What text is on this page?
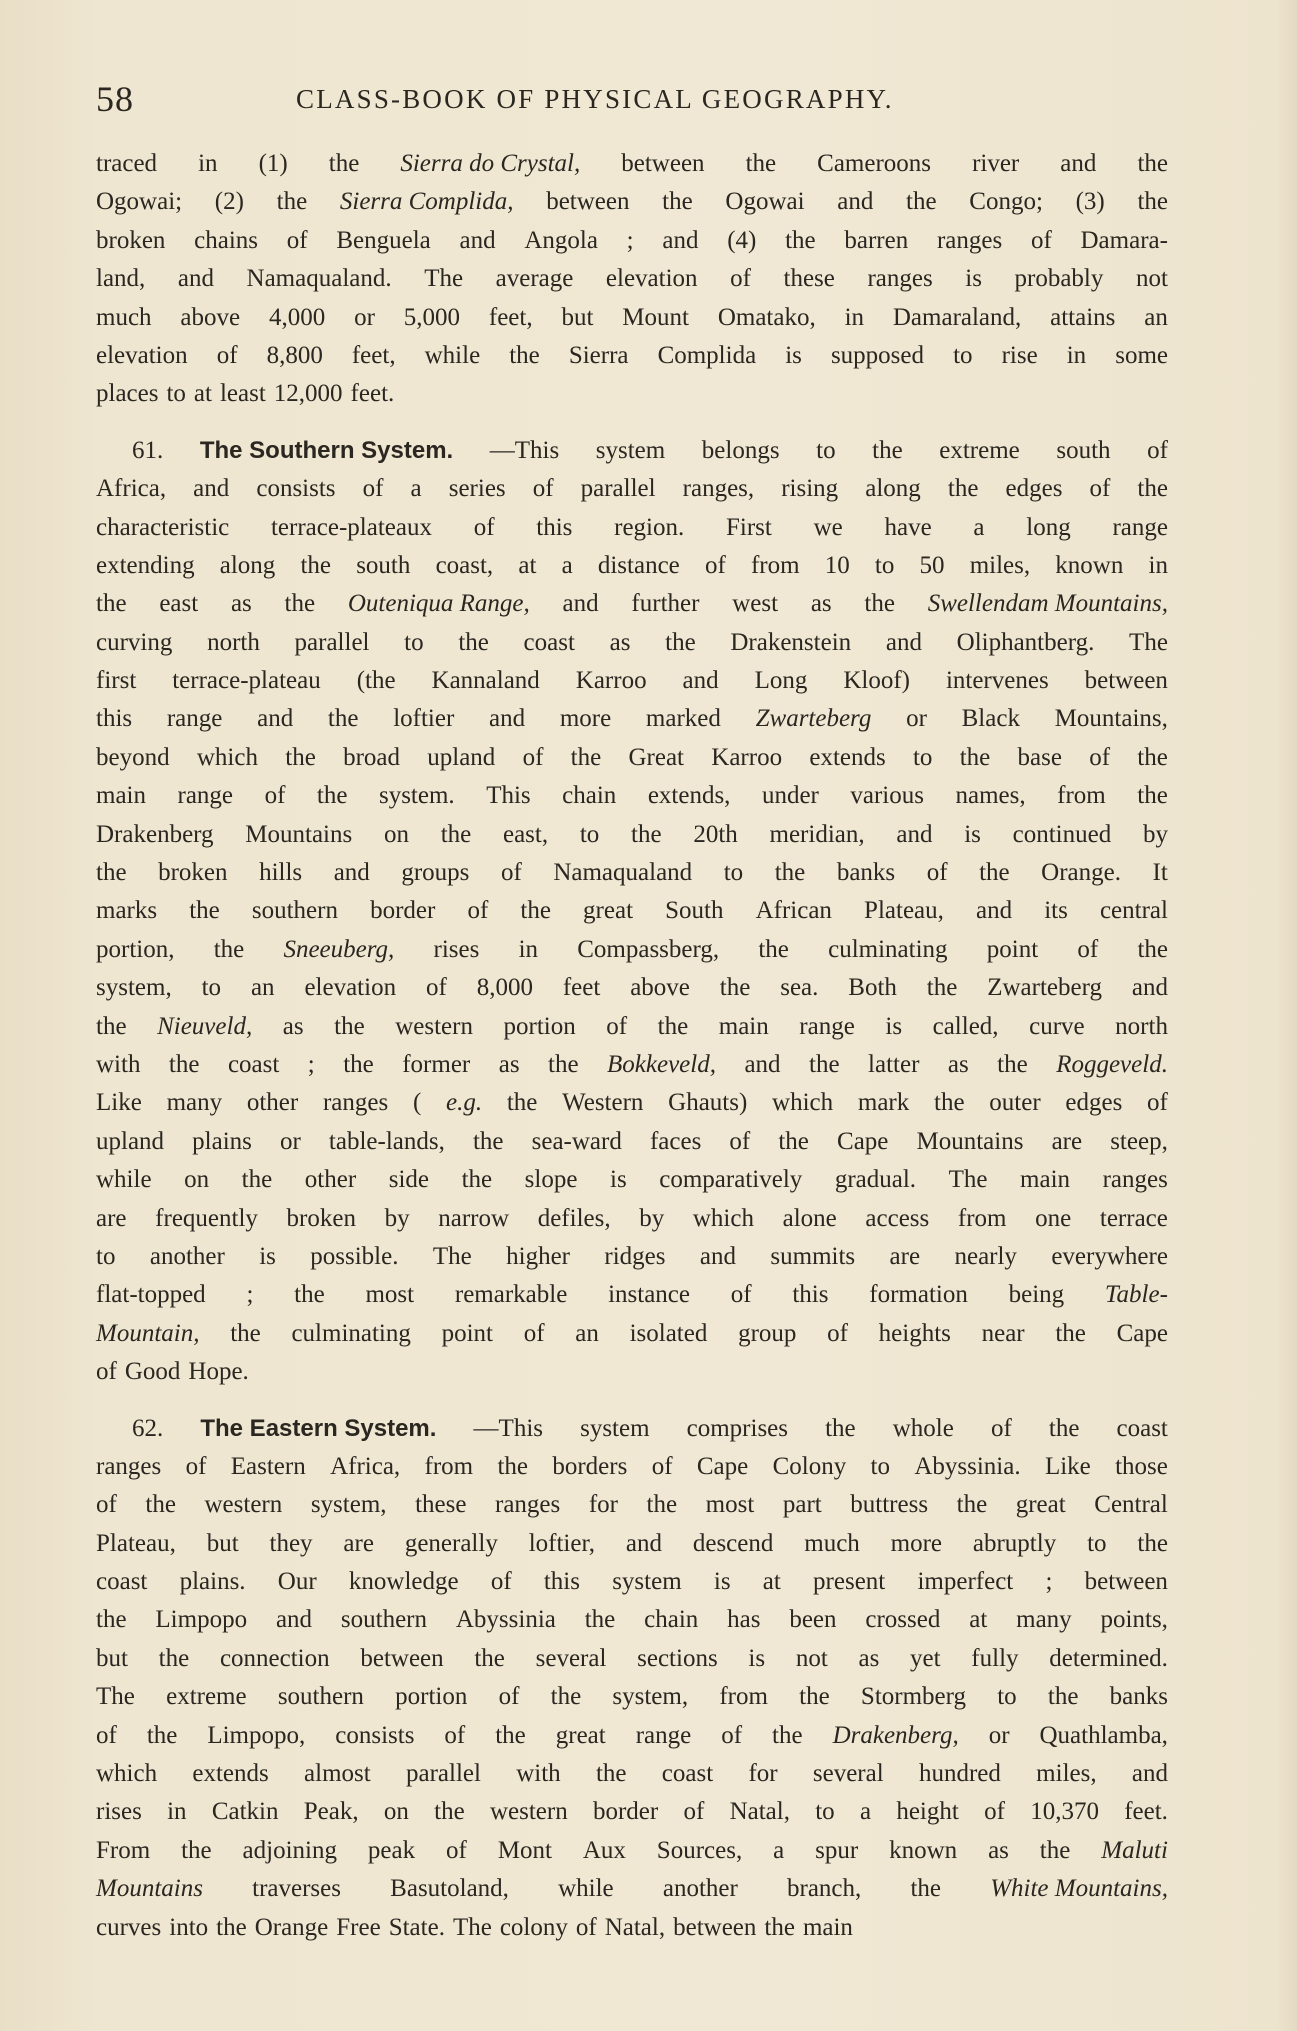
58	CLASS-BOOK OF PHYSICAL GEOGRAPHY.
traced in (1) the Sierra do Crystal, between the Cameroons river and the
Ogowai; (2) the Sierra Complida, between the Ogowai and the Congo; (3) the
broken chains of Benguela and Angola ; and (4) the barren ranges of Damara-
land, and Namaqualand. The average elevation of these ranges is probably not
much above 4,000 or 5,000 feet, but Mount Omatako, in Damaraland, attains an
elevation of 8,800 feet, while the Sierra Complida is supposed to rise in some
places to at least 12,000 feet.
61. The Southern System. —This system belongs to the extreme south of
Africa, and consists of a series of parallel ranges, rising along the edges of the
characteristic terrace-plateaux of this region. First we have a long range
extending along the south coast, at a distance of from 10 to 50 miles, known in
the east as the Outeniqua Range, and further west as the Swellendam Mountains,
curving north parallel to the coast as the Drakenstein and Oliphantberg. The
first terrace-plateau (the Kannaland Karroo and Long Kloof) intervenes between
this range and the loftier and more marked Zwarteberg or Black Mountains,
beyond which the broad upland of the Great Karroo extends to the base of the
main range of the system. This chain extends, under various names, from the
Drakenberg Mountains on the east, to the 20th meridian, and is continued by
the broken hills and groups of Namaqualand to the banks of the Orange. It
marks the southern border of the great South African Plateau, and its central
portion, the Sneeuberg, rises in Compassberg, the culminating point of the
system, to an elevation of 8,000 feet above the sea. Both the Zwarteberg and
the Nieuveld, as the western portion of the main range is called, curve north
with the coast ; the former as the Bokkeveld, and the latter as the Roggeveld.
Like many other ranges ( e.g. the Western Ghauts) which mark the outer edges of
upland plains or table-lands, the sea-ward faces of the Cape Mountains are steep,
while on the other side the slope is comparatively gradual. The main ranges
are frequently broken by narrow defiles, by which alone access from one terrace
to another is possible. The higher ridges and summits are nearly everywhere
flat-topped ; the most remarkable instance of this formation being Table-
Mountain, the culminating point of an isolated group of heights near the Cape
of Good Hope.
62. The Eastern System. —This system comprises the whole of the coast
ranges of Eastern Africa, from the borders of Cape Colony to Abyssinia. Like those
of the western system, these ranges for the most part buttress the great Central
Plateau, but they are generally loftier, and descend much more abruptly to the
coast plains. Our knowledge of this system is at present imperfect ; between
the Limpopo and southern Abyssinia the chain has been crossed at many points,
but the connection between the several sections is not as yet fully determined.
The extreme southern portion of the system, from the Stormberg to the banks
of the Limpopo, consists of the great range of the Drakenberg, or Quathlamba,
which extends almost parallel with the coast for several hundred miles, and
rises in Catkin Peak, on the western border of Natal, to a height of 10,370 feet.
From the adjoining peak of Mont Aux Sources, a spur known as the Maluti
Mountains traverses Basutoland, while another branch, the White Mountains,
curves into the Orange Free State. The colony of Natal, between the main
